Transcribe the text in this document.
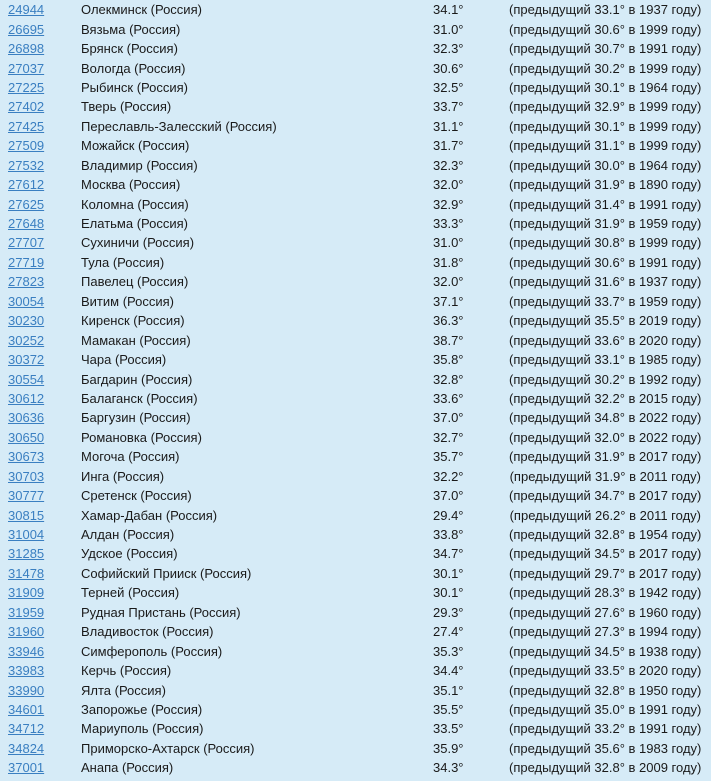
24944	Олекминск (Россия)	34.1°	(предыдущий 33.1° в 1937 году)
26695	Вязьма (Россия)	31.0°	(предыдущий 30.6° в 1999 году)
26898	Брянск (Россия)	32.3°	(предыдущий 30.7° в 1991 году)
27037	Вологда (Россия)	30.6°	(предыдущий 30.2° в 1999 году)
27225	Рыбинск (Россия)	32.5°	(предыдущий 30.1° в 1964 году)
27402	Тверь (Россия)	33.7°	(предыдущий 32.9° в 1999 году)
27425	Переславль-Залесский (Россия)	31.1°	(предыдущий 30.1° в 1999 году)
27509	Можайск (Россия)	31.7°	(предыдущий 31.1° в 1999 году)
27532	Владимир (Россия)	32.3°	(предыдущий 30.0° в 1964 году)
27612	Москва (Россия)	32.0°	(предыдущий 31.9° в 1890 году)
27625	Коломна (Россия)	32.9°	(предыдущий 31.4° в 1991 году)
27648	Елатьма (Россия)	33.3°	(предыдущий 31.9° в 1959 году)
27707	Сухиничи (Россия)	31.0°	(предыдущий 30.8° в 1999 году)
27719	Тула (Россия)	31.8°	(предыдущий 30.6° в 1991 году)
27823	Павелец (Россия)	32.0°	(предыдущий 31.6° в 1937 году)
30054	Витим (Россия)	37.1°	(предыдущий 33.7° в 1959 году)
30230	Киренск (Россия)	36.3°	(предыдущий 35.5° в 2019 году)
30252	Мамакан (Россия)	38.7°	(предыдущий 33.6° в 2020 году)
30372	Чара (Россия)	35.8°	(предыдущий 33.1° в 1985 году)
30554	Багдарин (Россия)	32.8°	(предыдущий 30.2° в 1992 году)
30612	Балаганск (Россия)	33.6°	(предыдущий 32.2° в 2015 году)
30636	Баргузин (Россия)	37.0°	(предыдущий 34.8° в 2022 году)
30650	Романовка (Россия)	32.7°	(предыдущий 32.0° в 2022 году)
30673	Могоча (Россия)	35.7°	(предыдущий 31.9° в 2017 году)
30703	Инга (Россия)	32.2°	(предыдущий 31.9° в 2011 году)
30777	Сретенск (Россия)	37.0°	(предыдущий 34.7° в 2017 году)
30815	Хамар-Дабан (Россия)	29.4°	(предыдущий 26.2° в 2011 году)
31004	Алдан (Россия)	33.8°	(предыдущий 32.8° в 1954 году)
31285	Удское (Россия)	34.7°	(предыдущий 34.5° в 2017 году)
31478	Софийский Прииск (Россия)	30.1°	(предыдущий 29.7° в 2017 году)
31909	Терней (Россия)	30.1°	(предыдущий 28.3° в 1942 году)
31959	Рудная Пристань (Россия)	29.3°	(предыдущий 27.6° в 1960 году)
31960	Владивосток (Россия)	27.4°	(предыдущий 27.3° в 1994 году)
33946	Симферополь (Россия)	35.3°	(предыдущий 34.5° в 1938 году)
33983	Керчь (Россия)	34.4°	(предыдущий 33.5° в 2020 году)
33990	Ялта (Россия)	35.1°	(предыдущий 32.8° в 1950 году)
34601	Запорожье (Россия)	35.5°	(предыдущий 35.0° в 1991 году)
34712	Мариуполь (Россия)	33.5°	(предыдущий 33.2° в 1991 году)
34824	Приморско-Ахтарск (Россия)	35.9°	(предыдущий 35.6° в 1983 году)
37001	Анапа (Россия)	34.3°	(предыдущий 32.8° в 2009 году)
